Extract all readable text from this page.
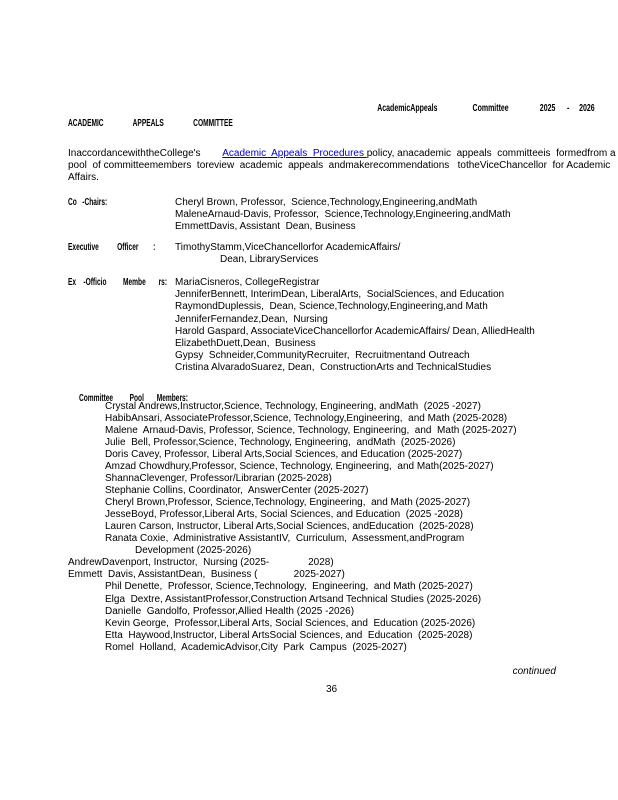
AcademicAppeals                  Committee                2025      -     2026
ACADEMIC                APPEALS                COMMITTEE
InaccordancewiththeCollege's        Academic  Appeals  Procedures policy, anacademic  appeals  committeeis  formedfrom a
pool  of committeemembers  toreview  academic  appeals  andmakerecommendations   totheViceChancellor  for Academic
Affairs.
Co   -Chairs:	Cheryl Brown, Professor,  Science,Technology,Engineering,andMath
MaleneArnaud-Davis, Professor,  Science,Technology,Engineering,andMath
EmmettDavis, Assistant  Dean, Business
Executive          Officer        :	TimothyStamm,ViceChancellorfor AcademicAffairs/
Dean, LibraryServices
Ex    -Officio         Membe       rs: MariaCisneros, CollegeRegistrar
JenniferBennett, InterimDean, LiberalArts,  SocialSciences, and Education
RaymondDuplessis,  Dean, Science,Technology,Engineering,and Math
JenniferFernandez,Dean,  Nursing
Harold Gaspard, AssociateViceChancellorfor AcademicAffairs/ Dean, AlliedHealth
ElizabethDuett,Dean,  Business
Gypsy  Schneider,CommunityRecruiter,  Recruitmentand Outreach
Cristina AlvaradoSuarez, Dean,  ConstructionArts and TechnicalStudies

Committee         Pool       Members:

Crystal Andrews,Instructor,Science, Technology, Engineering, andMath  (2025 -2027)
HabibAnsari, AssociateProfessor,Science, Technology,Engineering,  and Math (2025-2028)
Malene  Arnaud-Davis, Professor, Science, Technology, Engineering,  and  Math (2025-2027)
Julie  Bell, Professor,Science, Technology, Engineering,  andMath  (2025-2026)
Doris Cavey, Professor, Liberal Arts,Social Sciences, and Education (2025-2027)
Amzad Chowdhury,Professor, Science, Technology, Engineering,  and Math(2025-2027)
ShannaClevenger, Professor/Librarian (2025-2028)
Stephanie Collins, Coordinator,  AnswerCenter (2025-2027)
Cheryl Brown,Professor, Science,Technology, Engineering,  and Math (2025-2027)
JesseBoyd, Professor,Liberal Arts, Social Sciences, and Education  (2025 -2028)
Lauren Carson, Instructor, Liberal Arts,Social Sciences, andEducation  (2025-2028)
Ranata Coxie,  Administrative AssistantIV,  Curriculum,  Assessment,andProgram
Development (2025-2026)
AndrewDavenport, Instructor,  Nursing (2025-              2028)
Emmett  Davis, AssistantDean,  Business (             2025-2027)
Phil Denette,  Professor, Science,Technology,  Engineering,  and Math (2025-2027)
Elga  Dextre, AssistantProfessor,Construction Artsand Technical Studies (2025-2026)
Danielle  Gandolfo, Professor,Allied Health (2025 -2026)
Kevin George,  Professor,Liberal Arts, Social Sciences, and  Education (2025-2026)
Etta  Haywood,Instructor, Liberal ArtsSocial Sciences, and  Education  (2025-2028)
Romel  Holland,  AcademicAdvisor,City  Park  Campus  (2025-2027)
continued
36
